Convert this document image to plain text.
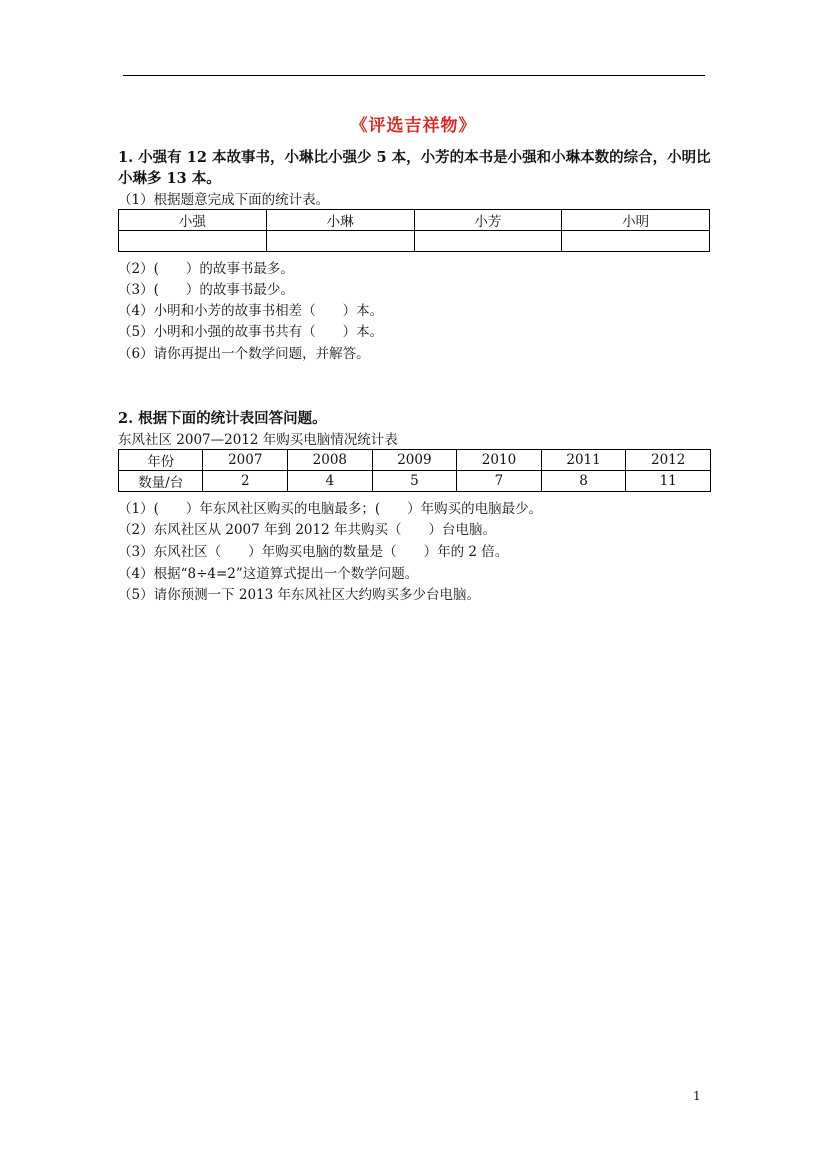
《评选吉祥物》
1. 小强有 12 本故事书，小琳比小强少 5 本，小芳的本书是小强和小琳本数的综合，小明比
小琳多 13 本。
（1）根据题意完成下面的统计表。
小强	小琳	小芳	小明

（2）(　　）的故事书最多。
（3）(　　）的故事书最少。
（4）小明和小芳的故事书相差（　　）本。
（5）小明和小强的故事书共有（　　）本。
（6）请你再提出一个数学问题，并解答。
2. 根据下面的统计表回答问题。
东风社区 2007—2012 年购买电脑情况统计表
年份	2007	2008	2009	2010	2011	2012
数量/台	2	4	5	7	8	11
（1）(　　）年东风社区购买的电脑最多；(　　）年购买的电脑最少。
（2）东风社区从 2007 年到 2012 年共购买（　　）台电脑。
（3）东风社区（　　）年购买电脑的数量是（　　）年的 2 倍。
（4）根据“8÷4=2”这道算式提出一个数学问题。
（5）请你预测一下 2013 年东风社区大约购买多少台电脑。
1
